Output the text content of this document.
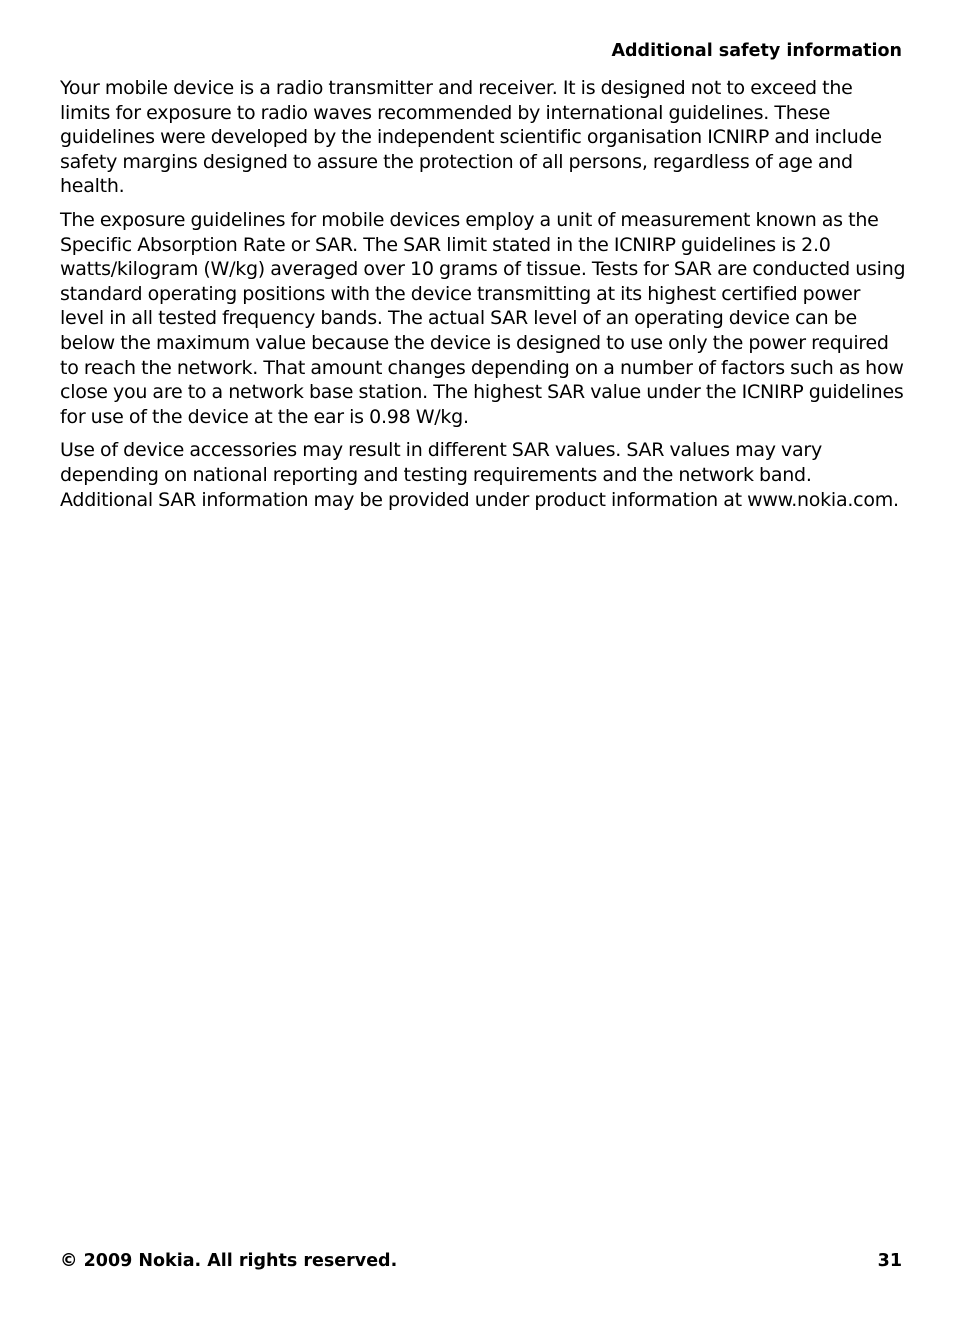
Additional safety information

Your mobile device is a radio transmitter and receiver. It is designed not to exceed the limits for exposure to radio waves recommended by international guidelines. These guidelines were developed by the independent scientific organisation ICNIRP and include safety margins designed to assure the protection of all persons, regardless of age and health.

The exposure guidelines for mobile devices employ a unit of measurement known as the Specific Absorption Rate or SAR. The SAR limit stated in the ICNIRP guidelines is 2.0 watts/kilogram (W/kg) averaged over 10 grams of tissue. Tests for SAR are conducted using standard operating positions with the device transmitting at its highest certified power level in all tested frequency bands. The actual SAR level of an operating device can be below the maximum value because the device is designed to use only the power required to reach the network. That amount changes depending on a number of factors such as how close you are to a network base station. The highest SAR value under the ICNIRP guidelines for use of the device at the ear is 0.98 W/kg.

Use of device accessories may result in different SAR values. SAR values may vary depending on national reporting and testing requirements and the network band. Additional SAR information may be provided under product information at www.nokia.com.

© 2009 Nokia. All rights reserved.	31
